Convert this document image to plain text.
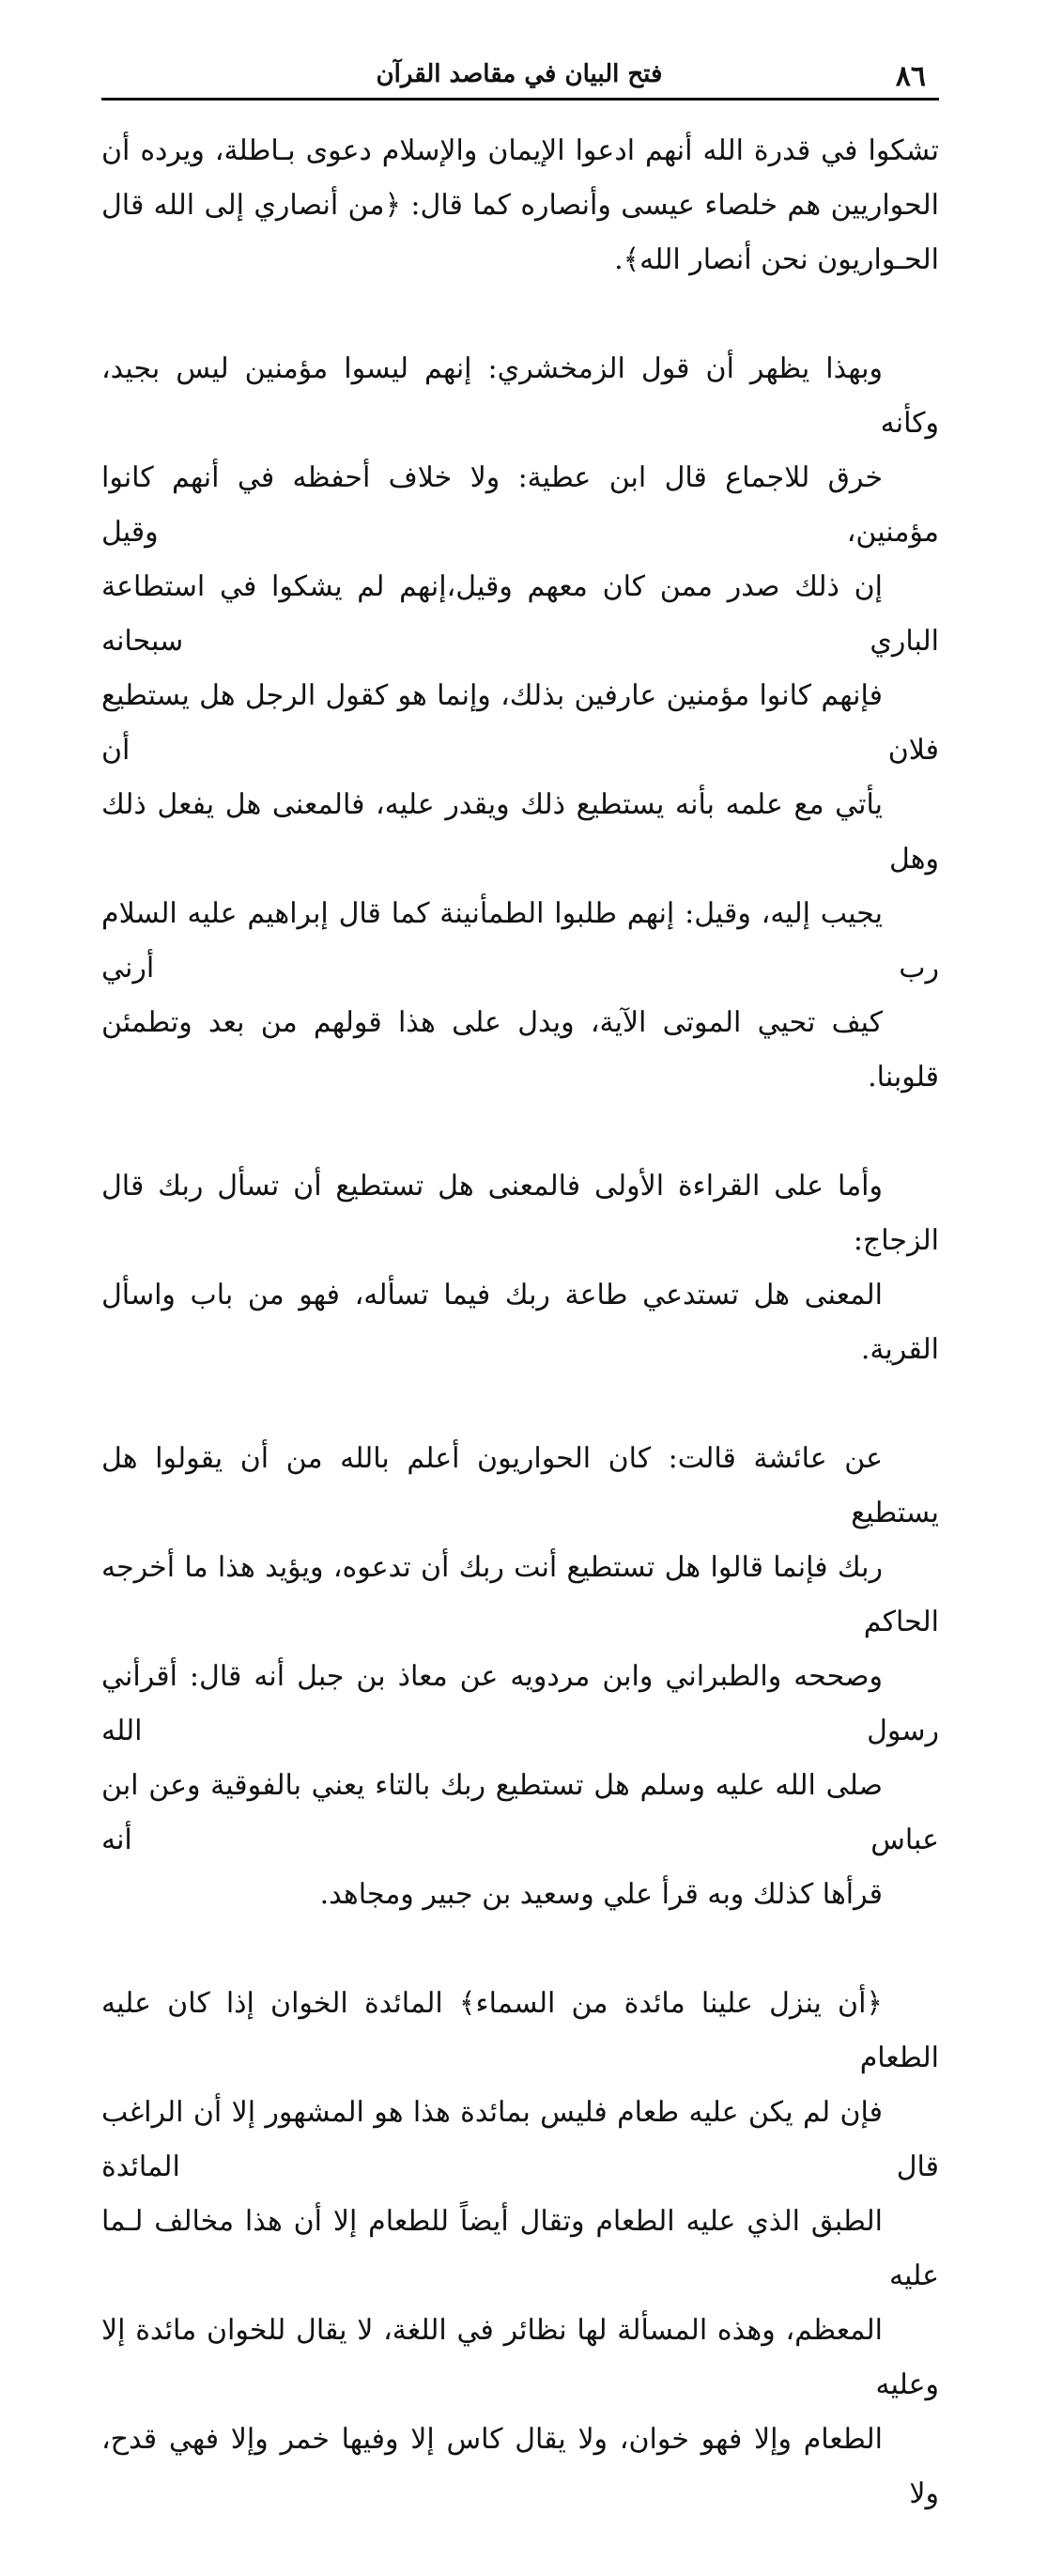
٨٦
فتح البيان في مقاصد القرآن

تشكوا في قدرة الله أنهم ادعوا الإيمان والإسلام دعوى بـاطلة، ويرده أن
الحواريين هم خلصاء عيسى وأنصاره كما قال: ﴿من أنصاري إلى الله قال
الحـواريون نحن أنصار الله﴾.

وبهذا يظهر أن قول الزمخشري: إنهم ليسوا مؤمنين ليس بجيد، وكأنه
خرق للاجماع قال ابن عطية: ولا خلاف أحفظه في أنهم كانوا مؤمنين، وقيل
إن ذلك صدر ممن كان معهم وقيل،إنهم لم يشكوا في استطاعة الباري سبحانه
فإنهم كانوا مؤمنين عارفين بذلك، وإنما هو كقول الرجل هل يستطيع فلان أن
يأتي مع علمه بأنه يستطيع ذلك ويقدر عليه، فالمعنى هل يفعل ذلك وهل
يجيب إليه، وقيل: إنهم طلبوا الطمأنينة كما قال إبراهيم عليه السلام رب أرني
كيف تحيي الموتى الآية، ويدل على هذا قولهم من بعد وتطمئن قلوبنا.

وأما على القراءة الأولى فالمعنى هل تستطيع أن تسأل ربك قال الزجاج:
المعنى هل تستدعي طاعة ربك فيما تسأله، فهو من باب واسأل القرية.

عن عائشة قالت: كان الحواريون أعلم بالله من أن يقولوا هل يستطيع
ربك فإنما قالوا هل تستطيع أنت ربك أن تدعوه، ويؤيد هذا ما أخرجه الحاكم
وصححه والطبراني وابن مردويه عن معاذ بن جبل أنه قال: أقرأني رسول الله
صلى الله عليه وسلم هل تستطيع ربك بالتاء يعني بالفوقية وعن ابن عباس أنه
قرأها كذلك وبه قرأ علي وسعيد بن جبير ومجاهد.

﴿أن ينزل علينا مائدة من السماء﴾ المائدة الخوان إذا كان عليه الطعام
فإن لم يكن عليه طعام فليس بمائدة هذا هو المشهور إلا أن الراغب قال المائدة
الطبق الذي عليه الطعام وتقال أيضاً للطعام إلا أن هذا مخالف لـما عليه
المعظم، وهذه المسألة لها نظائر في اللغة، لا يقال للخوان مائدة إلا وعليه
الطعام وإلا فهو خوان، ولا يقال كاس إلا وفيها خمر وإلا فهي قدح، ولا
